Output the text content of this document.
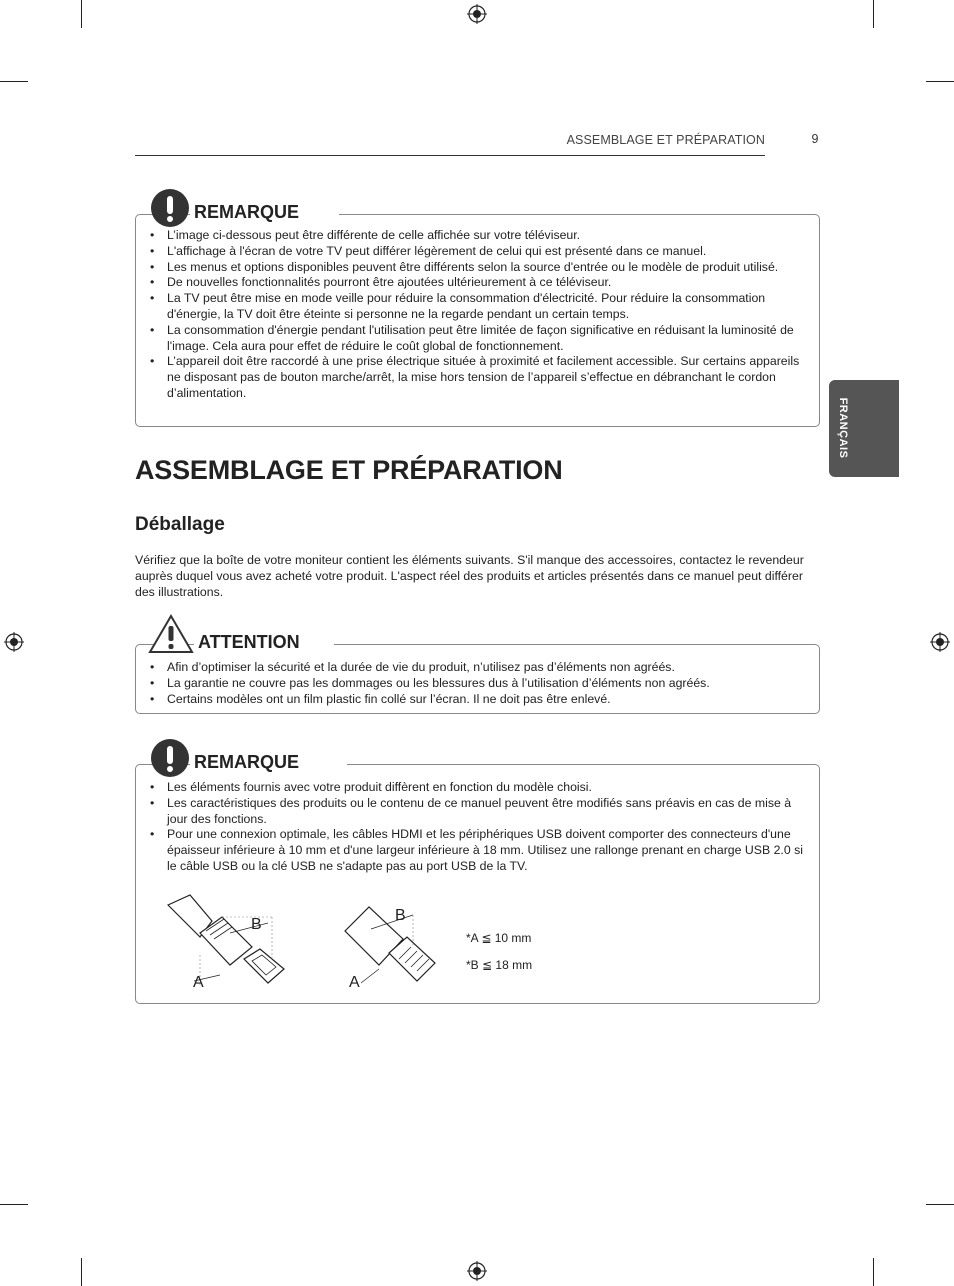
ASSEMBLAGE ET PRÉPARATION	9
FRANÇAIS
REMARQUE
• L’image ci-dessous peut être différente de celle affichée sur votre téléviseur.
• L'affichage à l'écran de votre TV peut différer légèrement de celui qui est présenté dans ce manuel.
• Les menus et options disponibles peuvent être différents selon la source d'entrée ou le modèle de produit utilisé.
• De nouvelles fonctionnalités pourront être ajoutées ultérieurement à ce téléviseur.
• La TV peut être mise en mode veille pour réduire la consommation d'électricité. Pour réduire la consommation d'énergie, la TV doit être éteinte si personne ne la regarde pendant un certain temps.
• La consommation d'énergie pendant l'utilisation peut être limitée de façon significative en réduisant la luminosité de l'image. Cela aura pour effet de réduire le coût global de fonctionnement.
• L’appareil doit être raccordé à une prise électrique située à proximité et facilement accessible. Sur certains appareils ne disposant pas de bouton marche/arrêt, la mise hors tension de l’appareil s’effectue en débranchant le cordon d’alimentation.
ASSEMBLAGE ET PRÉPARATION
Déballage
Vérifiez que la boîte de votre moniteur contient les éléments suivants. S'il manque des accessoires, contactez le revendeur auprès duquel vous avez acheté votre produit. L'aspect réel des produits et articles présentés dans ce manuel peut différer des illustrations.
ATTENTION
• Afin d’optimiser la sécurité et la durée de vie du produit, n’utilisez pas d’éléments non agréés.
• La garantie ne couvre pas les dommages ou les blessures dus à l’utilisation d’éléments non agréés.
• Certains modèles ont un film plastic fin collé sur l’écran. Il ne doit pas être enlevé.
REMARQUE
• Les éléments fournis avec votre produit diffèrent en fonction du modèle choisi.
• Les caractéristiques des produits ou le contenu de ce manuel peuvent être modifiés sans préavis en cas de mise à jour des fonctions.
• Pour une connexion optimale, les câbles HDMI et les périphériques USB doivent comporter des connecteurs d'une épaisseur inférieure à 10 mm et d'une largeur inférieure à 18 mm. Utilisez une rallonge prenant en charge USB 2.0 si le câble USB ou la clé USB ne s'adapte pas au port USB de la TV.
B
A
B
A
*A ≦ 10 mm
*B ≦ 18 mm
